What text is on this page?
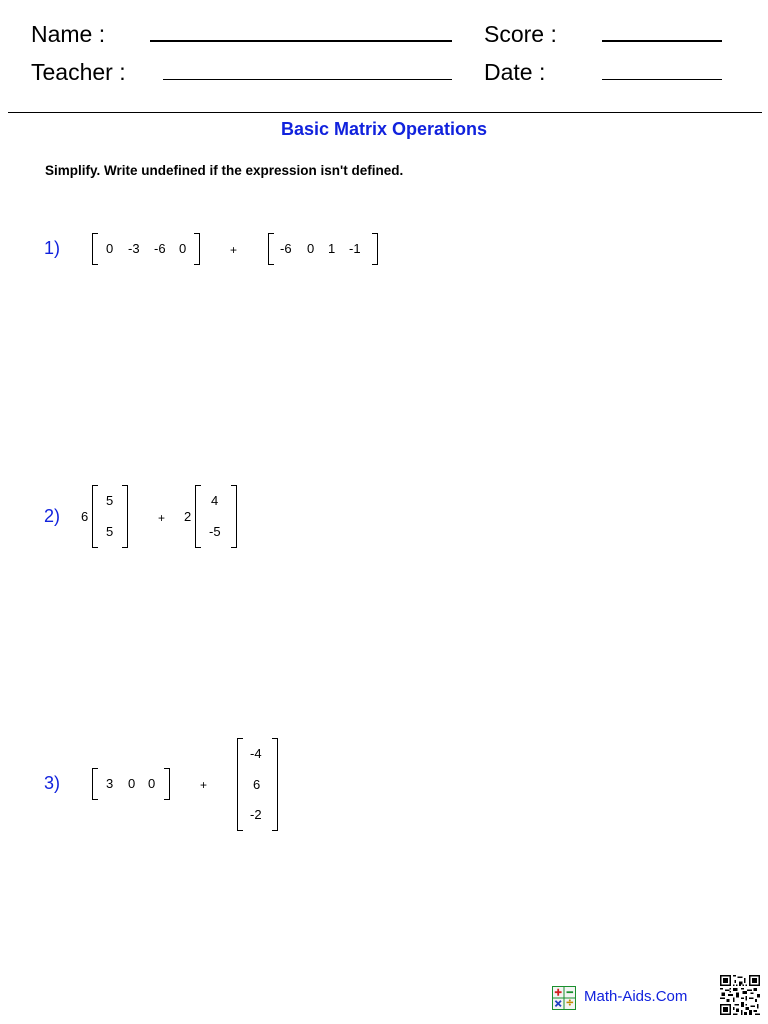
Name :
Teacher :
Score :
Date :
Basic Matrix Operations
Simplify. Write undefined if the expression isn't defined.
1)	0 -3 -6 0	+	-6 0 1 -1
2) 6
5
5
+ 2
4
-5
3)	3 0 0	+
-4
6
-2
Math-Aids.Com
